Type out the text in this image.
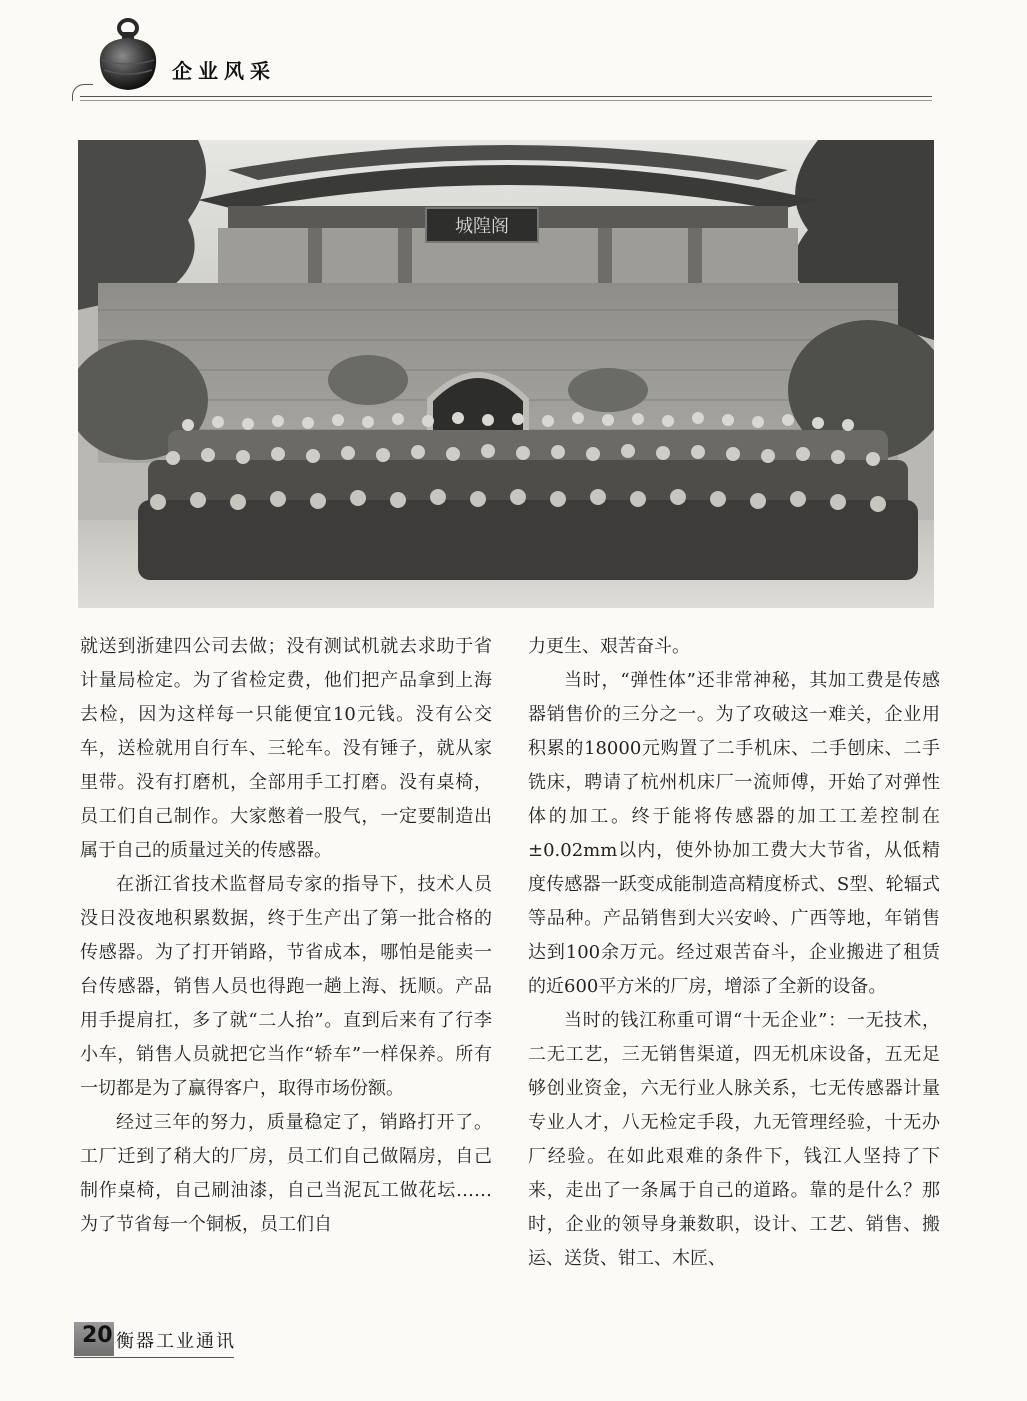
企业风采
城隍阁

就送到浙建四公司去做；没有测试机就去求助于省计量局检定。为了省检定费，他们把产品拿到上海去检，因为这样每一只能便宜10元钱。没有公交车，送检就用自行车、三轮车。没有锤子，就从家里带。没有打磨机，全部用手工打磨。没有桌椅，员工们自己制作。大家憋着一股气，一定要制造出属于自己的质量过关的传感器。

在浙江省技术监督局专家的指导下，技术人员没日没夜地积累数据，终于生产出了第一批合格的传感器。为了打开销路，节省成本，哪怕是能卖一台传感器，销售人员也得跑一趟上海、抚顺。产品用手提肩扛，多了就“二人抬”。直到后来有了行李小车，销售人员就把它当作“轿车”一样保养。所有一切都是为了赢得客户，取得市场份额。

经过三年的努力，质量稳定了，销路打开了。工厂迁到了稍大的厂房，员工们自己做隔房，自己制作桌椅，自己刷油漆，自己当泥瓦工做花坛……为了节省每一个铜板，员工们自

力更生、艰苦奋斗。

当时，“弹性体”还非常神秘，其加工费是传感器销售价的三分之一。为了攻破这一难关，企业用积累的18000元购置了二手机床、二手刨床、二手铣床，聘请了杭州机床厂一流师傅，开始了对弹性体的加工。终于能将传感器的加工工差控制在±0.02mm以内，使外协加工费大大节省，从低精度传感器一跃变成能制造高精度桥式、S型、轮辐式等品种。产品销售到大兴安岭、广西等地，年销售达到100余万元。经过艰苦奋斗，企业搬进了租赁的近600平方米的厂房，增添了全新的设备。

当时的钱江称重可谓“十无企业”：一无技术，二无工艺，三无销售渠道，四无机床设备，五无足够创业资金，六无行业人脉关系，七无传感器计量专业人才，八无检定手段，九无管理经验，十无办厂经验。在如此艰难的条件下，钱江人坚持了下来，走出了一条属于自己的道路。靠的是什么？那时，企业的领导身兼数职，设计、工艺、销售、搬运、送货、钳工、木匠、

20 衡器工业通讯
